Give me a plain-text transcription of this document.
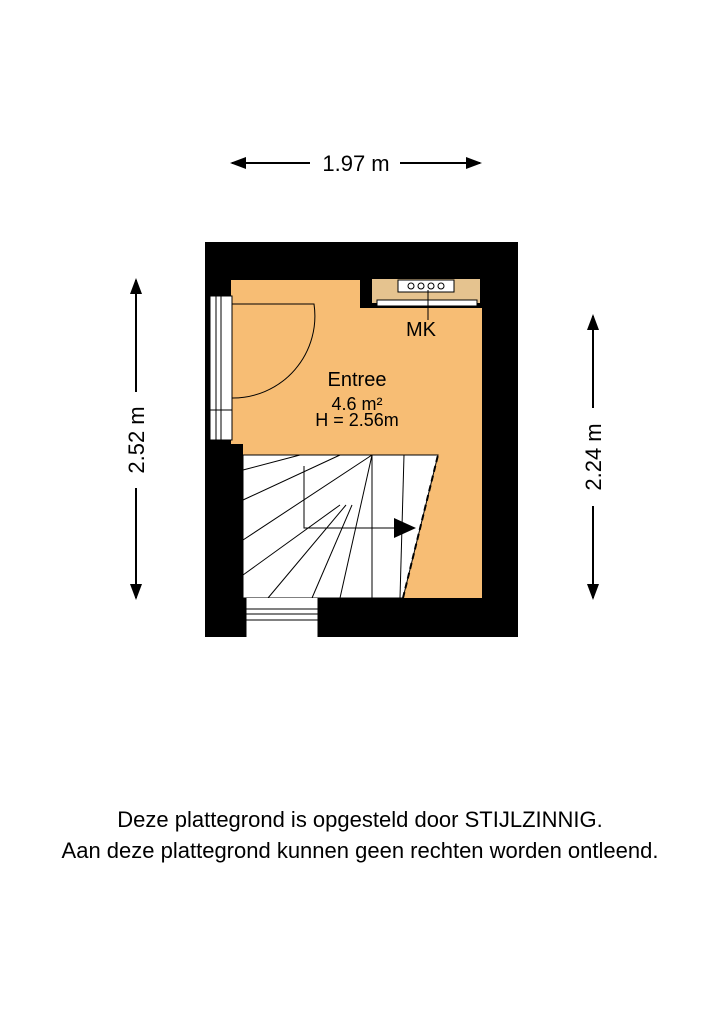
1.97 m
2.52 m	2.24 m
MK
Entree
4.6 m²
H = 2.56m
Deze plattegrond is opgesteld door STIJLZINNIG.
Aan deze plattegrond kunnen geen rechten worden ontleend.
